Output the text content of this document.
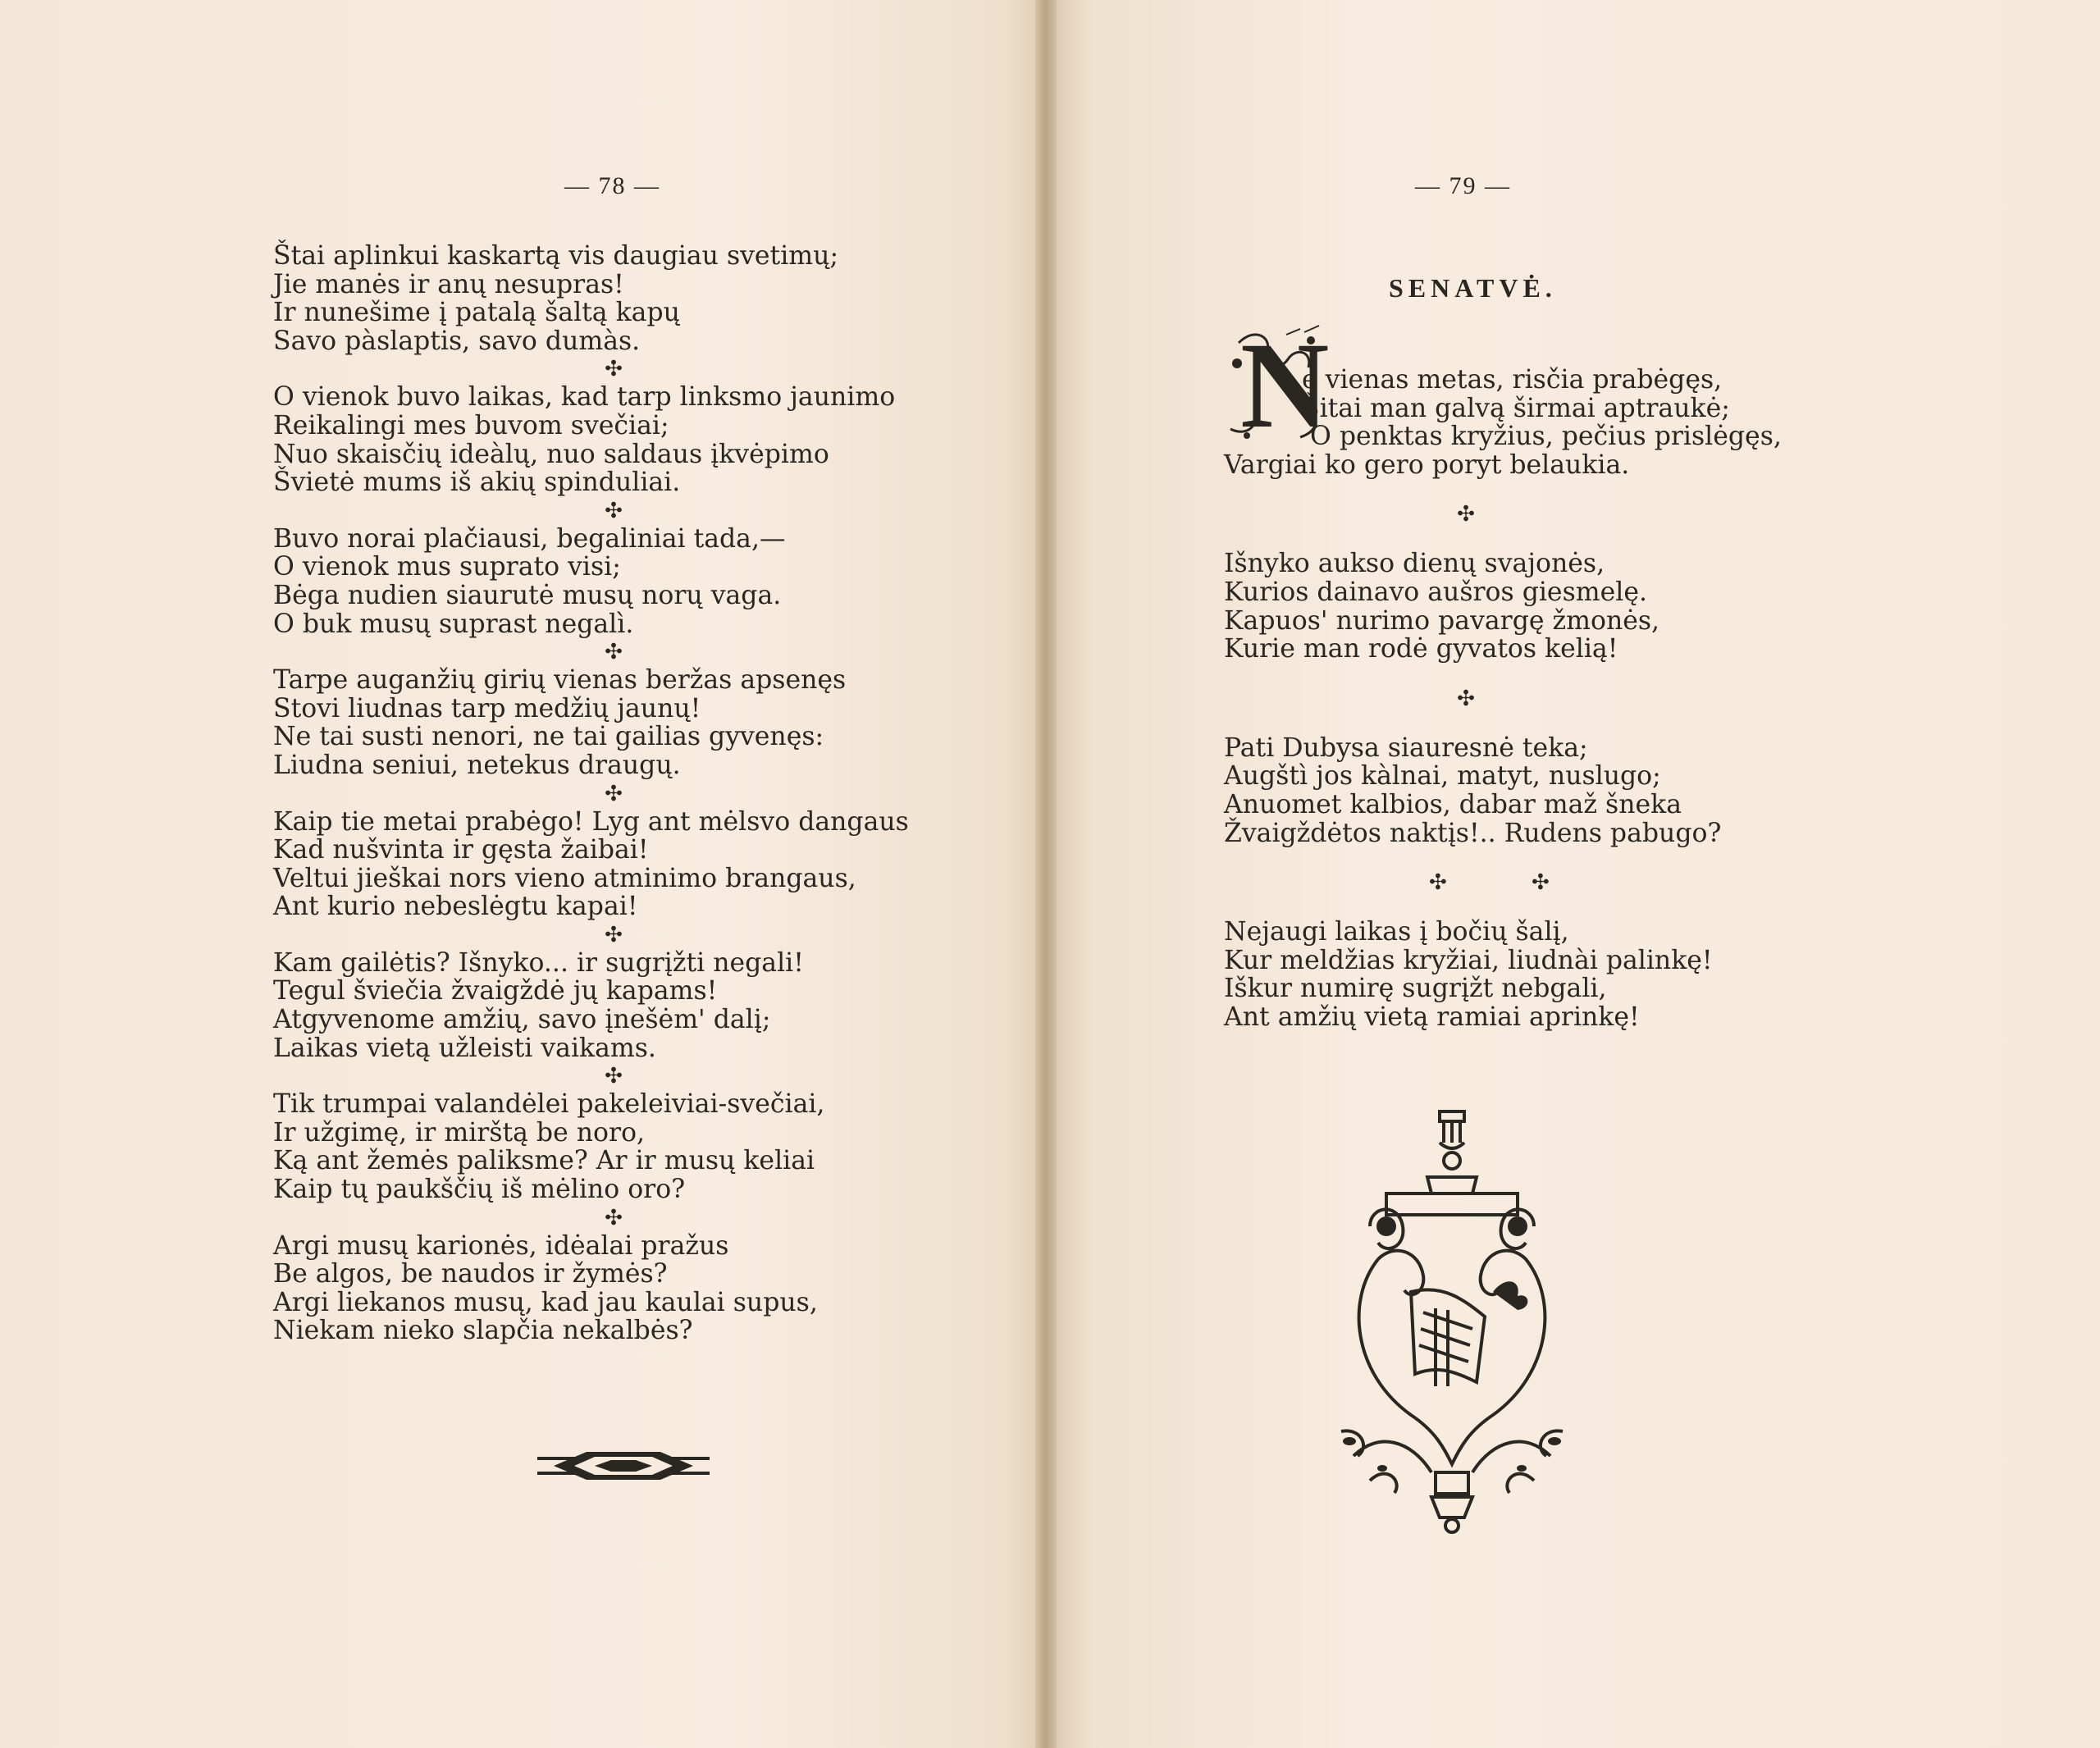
— 78 —
Štai aplinkui kaskartą vis daugiau svetimų;
Jie manės ir anų nesupras!
Ir nunešime į patalą šaltą kapų
Savo pàslaptis, savo dumàs.
✣
O vienok buvo laikas, kad tarp linksmo jaunimo
Reikalingi mes buvom svečiai;
Nuo skaisčių ideàlų, nuo saldaus įkvėpimo
Švietė mums iš akių spinduliai.
✣
Buvo norai plačiausi, begaliniai tada,—
O vienok mus suprato visi;
Bėga nudien siaurutė musų norų vaga.
O buk musų suprast negalì.
✣
Tarpe auganžių girių vienas beržas apsenęs
Stovi liudnas tarp medžių jaunų!
Ne tai susti nenori, ne tai gailias gyvenęs:
Liudna seniui, netekus draugų.
✣
Kaip tie metai prabėgo! Lyg ant mėlsvo dangaus
Kad nušvinta ir gęsta žaibai!
Veltui jieškai nors vieno atminimo brangaus,
Ant kurio nebeslėgtu kapai!
✣
Kam gailėtis? Išnyko... ir sugrįžti negali!
Tegul šviečia žvaigždė jų kapams!
Atgyvenome amžių, savo įnešėm' dalį;
Laikas vietą užleisti vaikams.
✣
Tik trumpai valandėlei pakeleiviai-svečiai,
Ir užgimę, ir mirštą be noro,
Ką ant žemės paliksme? Ar ir musų keliai
Kaip tų paukščių iš mėlino oro?
✣
Argi musų karionės, idėalai pražus
Be algos, be naudos ir žymės?
Argi liekanos musų, kad jau kaulai supus,
Niekam nieko slapčia nekalbės?
— 79 —
SENATVĖ.
N
e vienas metas, risčia prabėgęs,
Šitai man galvą širmai aptraukė;
O penktas kryžius, pečius prislėgęs,
Vargiai ko gero poryt belaukia.
✣
Išnyko aukso dienų svajonės,
Kurios dainavo aušros giesmelę.
Kapuos' nurimo pavargę žmonės,
Kurie man rodė gyvatos kelią!
✣
Pati Dubysa siauresnė teka;
Augštì jos kàlnai, matyt, nuslugo;
Anuomet kalbios, dabar maž šneka
Žvaigždėtos naktįs!.. Rudens pabugo?
✣	✣
Nejaugi laikas į bočių šalį,
Kur meldžias kryžiai, liudnài palinkę!
Iškur numirę sugrįžt nebgali,
Ant amžių vietą ramiai aprinkę!
